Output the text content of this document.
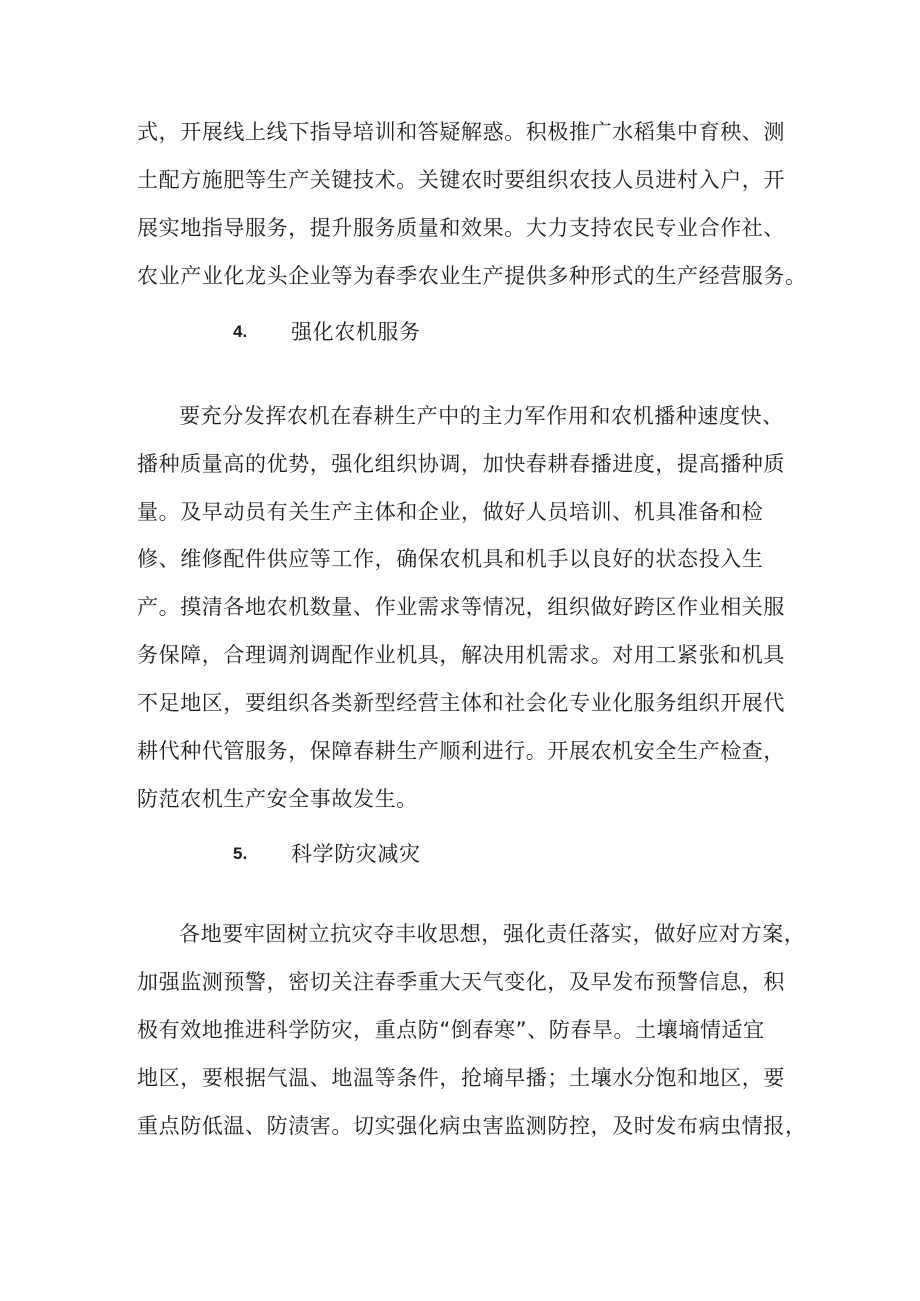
式，开展线上线下指导培训和答疑解惑。积极推广水稻集中育秧、测
土配方施肥等生产关键技术。关键农时要组织农技人员进村入户，开
展实地指导服务，提升服务质量和效果。大力支持农民专业合作社、
农业产业化龙头企业等为春季农业生产提供多种形式的生产经营服务。
4. 强化农机服务
要充分发挥农机在春耕生产中的主力军作用和农机播种速度快、
播种质量高的优势，强化组织协调，加快春耕春播进度，提高播种质
量。及早动员有关生产主体和企业，做好人员培训、机具准备和检
修、维修配件供应等工作，确保农机具和机手以良好的状态投入生
产。摸清各地农机数量、作业需求等情况，组织做好跨区作业相关服
务保障，合理调剂调配作业机具，解决用机需求。对用工紧张和机具
不足地区，要组织各类新型经营主体和社会化专业化服务组织开展代
耕代种代管服务，保障春耕生产顺利进行。开展农机安全生产检查，
防范农机生产安全事故发生。
5. 科学防灾减灾
各地要牢固树立抗灾夺丰收思想，强化责任落实，做好应对方案，
加强监测预警，密切关注春季重大天气变化，及早发布预警信息，积
极有效地推进科学防灾，重点防“倒春寒”、防春旱。土壤墒情适宜
地区，要根据气温、地温等条件，抢墒早播；土壤水分饱和地区，要
重点防低温、防渍害。切实强化病虫害监测防控，及时发布病虫情报，
